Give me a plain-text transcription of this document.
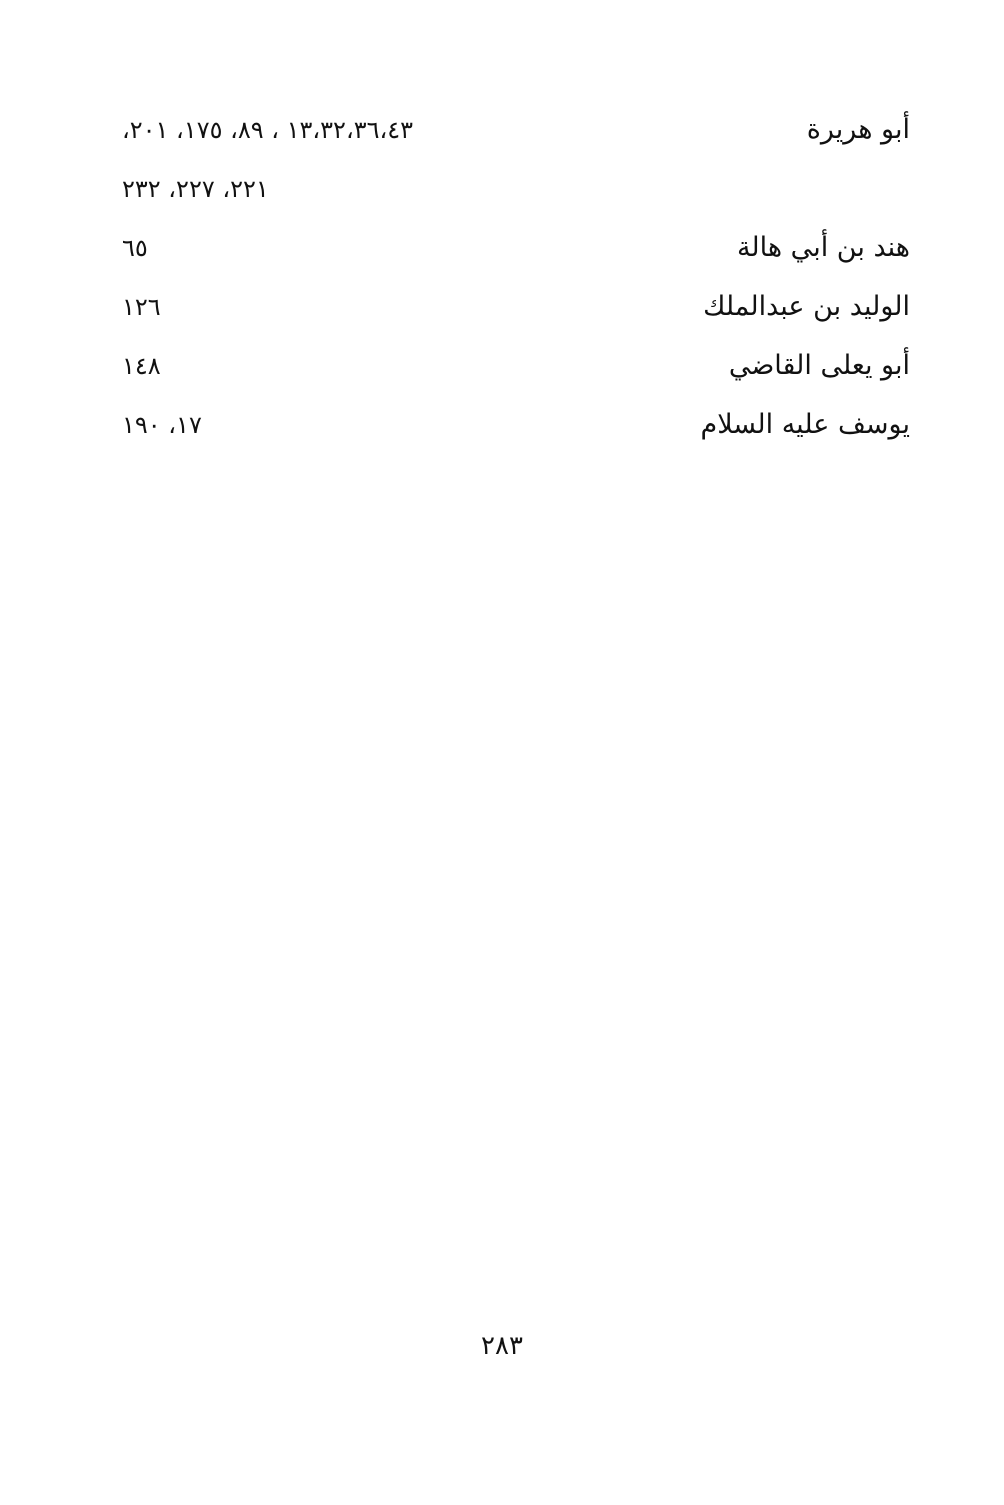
أبو هريرة
١٣،٣٢،٣٦،٤٣ ، ٨٩، ١٧٥، ٢٠١،
٢٢١، ٢٢٧، ٢٣٢
هند بن أبي هالة
٦٥
الوليد بن عبدالملك
١٢٦
أبو يعلى القاضي
١٤٨
يوسف عليه السلام
١٧، ١٩٠
٢٨٣
